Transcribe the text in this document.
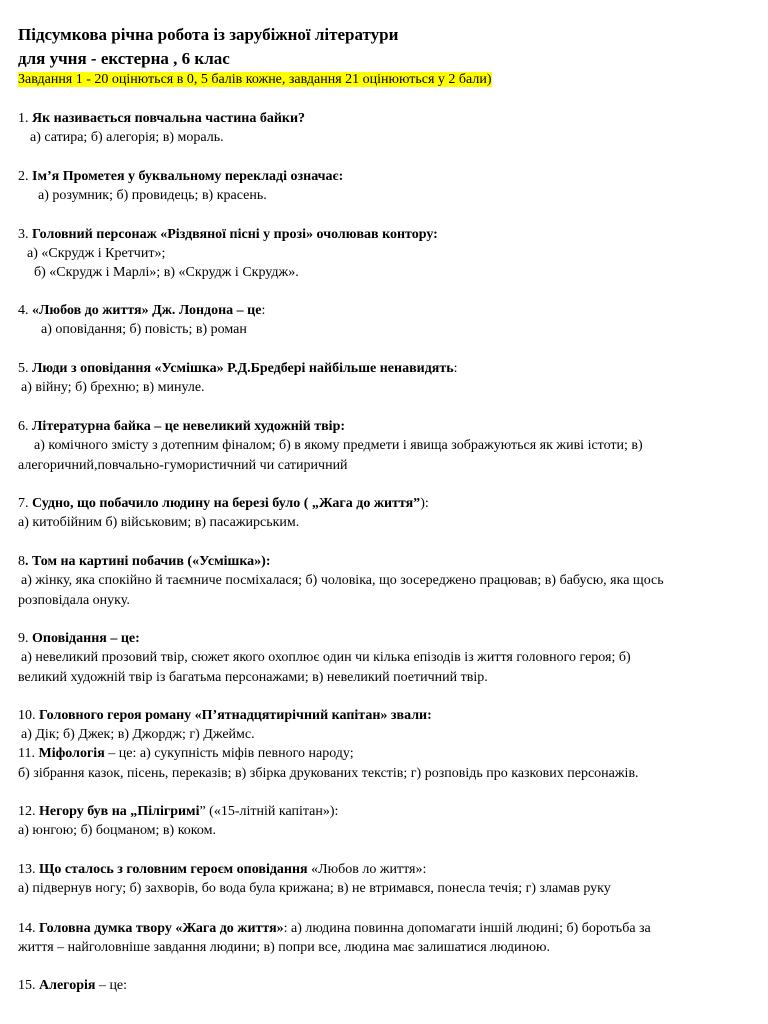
Підсумкова річна робота із зарубіжної літератури
для учня - екстерна , 6 клас
Завдання 1 - 20 оцінються в 0, 5 балів кожне, завдання 21 оцінюються у 2 бали)
1. Як називається повчальна частина байки?
а) сатира; б) алегорія; в) мораль.
2. Ім’я Прометея у буквальному перекладі означає:
а) розумник; б) провидець; в) красень.
3. Головний персонаж «Різдвяної пісні у прозі» очолював контору:
а) «Скрудж і Кретчит»;
б) «Скрудж і Марлі»; в) «Скрудж і Скрудж».
4. «Любов до життя» Дж. Лондона – це:
а) оповідання; б) повість; в) роман
5. Люди з оповідання «Усмішка» Р.Д.Бредбері найбільше ненавидять:
а) війну; б) брехню; в) минуле.
6. Літературна байка – це невеликий художній твір:
а) комічного змісту з дотепним фіналом; б) в якому предмети і явища зображуються як живі істоти; в)
алегоричний,повчально-гумористичний чи сатиричний
7. Судно, що побачило людину на березі було ( „Жага до життя”):
а) китобійним б) військовим; в) пасажирським.
8. Том на картині побачив («Усмішка»):
а) жінку, яка спокійно й таємниче посміхалася; б) чоловіка, що зосереджено працював; в) бабусю, яка щось
розповідала онуку.
9. Оповідання – це:
а) невеликий прозовий твір, сюжет якого охоплює один чи кілька епізодів із життя головного героя; б)
великий художній твір із багатьма персонажами; в) невеликий поетичний твір.
10. Головного героя роману «П’ятнадцятирічний капітан» звали:
а) Дік; б) Джек; в) Джордж; г) Джеймс.
11. Міфологія – це: а) сукупність міфів певного народу;
б) зібрання казок, пісень, переказів; в) збірка друкованих текстів; г) розповідь про казкових персонажів.
12. Негору був на „Пілігримі” («15-літній капітан»):
а) юнгою; б) боцманом; в) коком.
13. Що сталось з головним героєм оповідання «Любов ло життя»:
а) підвернув ногу; б) захворів, бо вода була крижана; в) не втримався, понесла течія; г) зламав руку
14. Головна думка твору «Жага до життя»: а) людина повинна допомагати іншій людині; б) боротьба за
життя – найголовніше завдання людини; в) попри все, людина має залишатися людиною.
15. Алегорія – це:
